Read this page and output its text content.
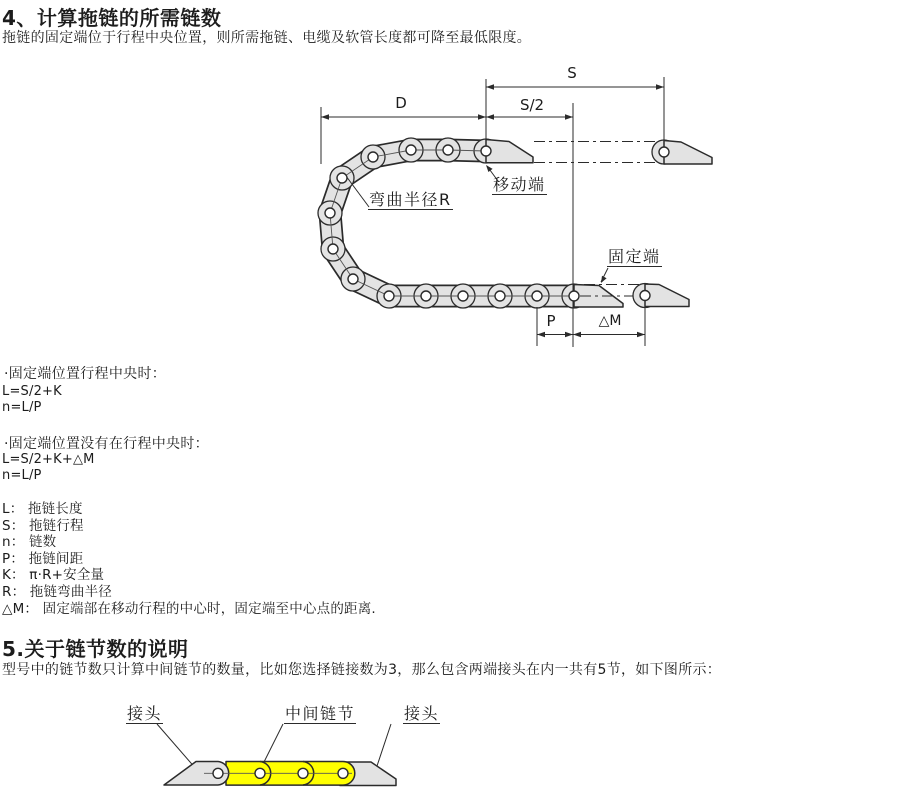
4、计算拖链的所需链数
拖链的固定端位于行程中央位置，则所需拖链、电缆及软管长度都可降至最低限度。
S
D	S/2
P	△M
移动端
弯曲半径R
固定端
·固定端位置行程中央时：
L=S/2+K
n=L/P
·固定端位置没有在行程中央时：
L=S/2+K+△M
n=L/P
L： 拖链长度
S： 拖链行程
n： 链数
P： 拖链间距
K： π·R+安全量
R： 拖链弯曲半径
△M： 固定端部在移动行程的中心时，固定端至中心点的距离.
5.关于链节数的说明
型号中的链节数只计算中间链节的数量，比如您选择链接数为3，那么包含两端接头在内一共有5节，如下图所示：
接头	中间链节	接头
